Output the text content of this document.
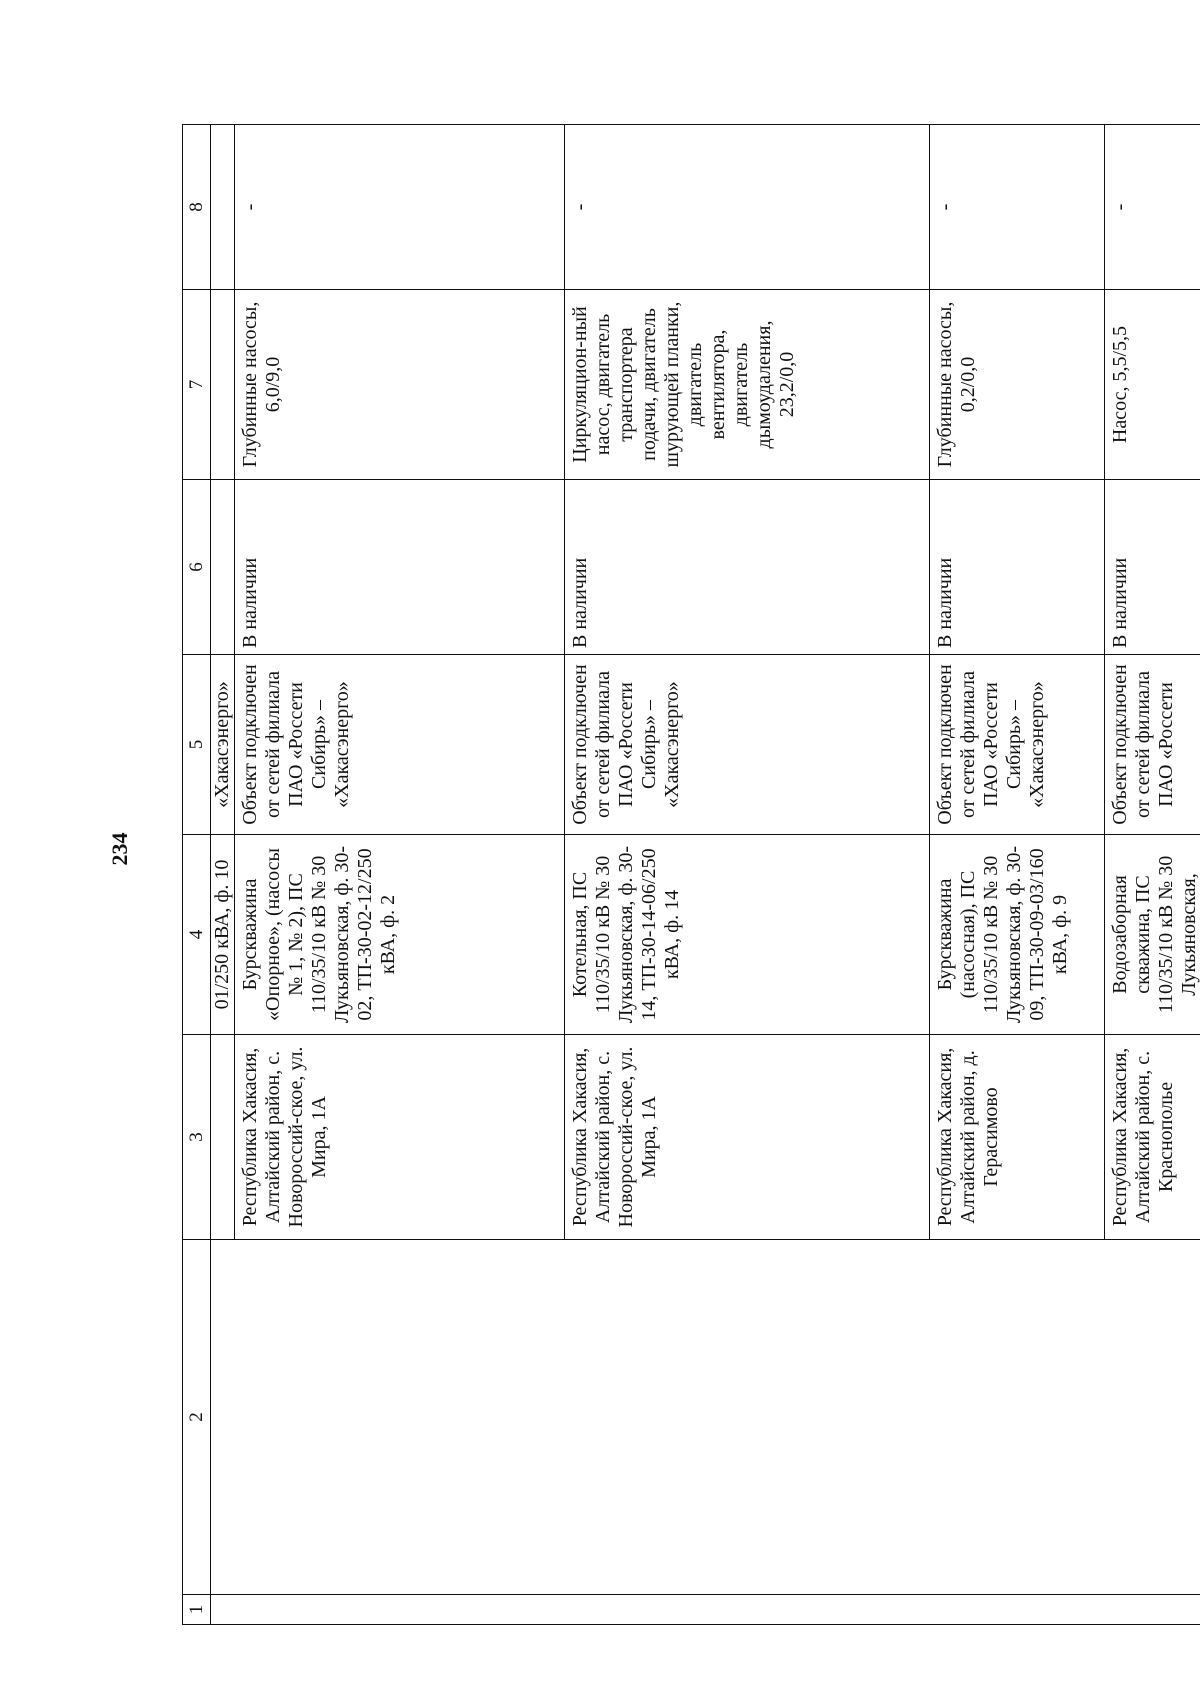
234
1	2	3	4	5	6	7	8
			01/250 кВА, ф. 10	«Хакасэнерго»			
		Республика Хакасия, Алтайский район, с. Новороссий-ское, ул. Мира, 1А	Бурскважина «Опорное», (насосы № 1, № 2), ПС 110/35/10 кВ № 30 Лукьяновская, ф. 30-02, ТП-30-02-12/250 кВА, ф. 2	Объект подключен от сетей филиала ПАО «Россети Сибирь» – «Хакасэнерго»	В наличии	Глубинные насосы, 6,0/9,0	-
		Республика Хакасия, Алтайский район, с. Новороссий-ское, ул. Мира, 1А	Котельная, ПС 110/35/10 кВ № 30 Лукьяновская, ф. 30-14, ТП-30-14-06/250 кВА, ф. 14	Объект подключен от сетей филиала ПАО «Россети Сибирь» – «Хакасэнерго»	В наличии	Циркуляцион-ный насос, двигатель транспортера подачи, двигатель шурующей планки, двигатель вентилятора, двигатель дымоудаления, 23,2/0,0	-
		Республика Хакасия, Алтайский район, д. Герасимово	Бурскважина (насосная), ПС 110/35/10 кВ № 30 Лукьяновская, ф. 30-09, ТП-30-09-03/160 кВА, ф. 9	Объект подключен от сетей филиала ПАО «Россети Сибирь» – «Хакасэнерго»	В наличии	Глубинные насосы, 0,2/0,0	-
		Республика Хакасия, Алтайский район, с. Краснополье	Водозаборная скважина, ПС 110/35/10 кВ № 30 Лукьяновская,	Объект подключен от сетей филиала ПАО «Россети	В наличии	Насос, 5,5/5,5	-
